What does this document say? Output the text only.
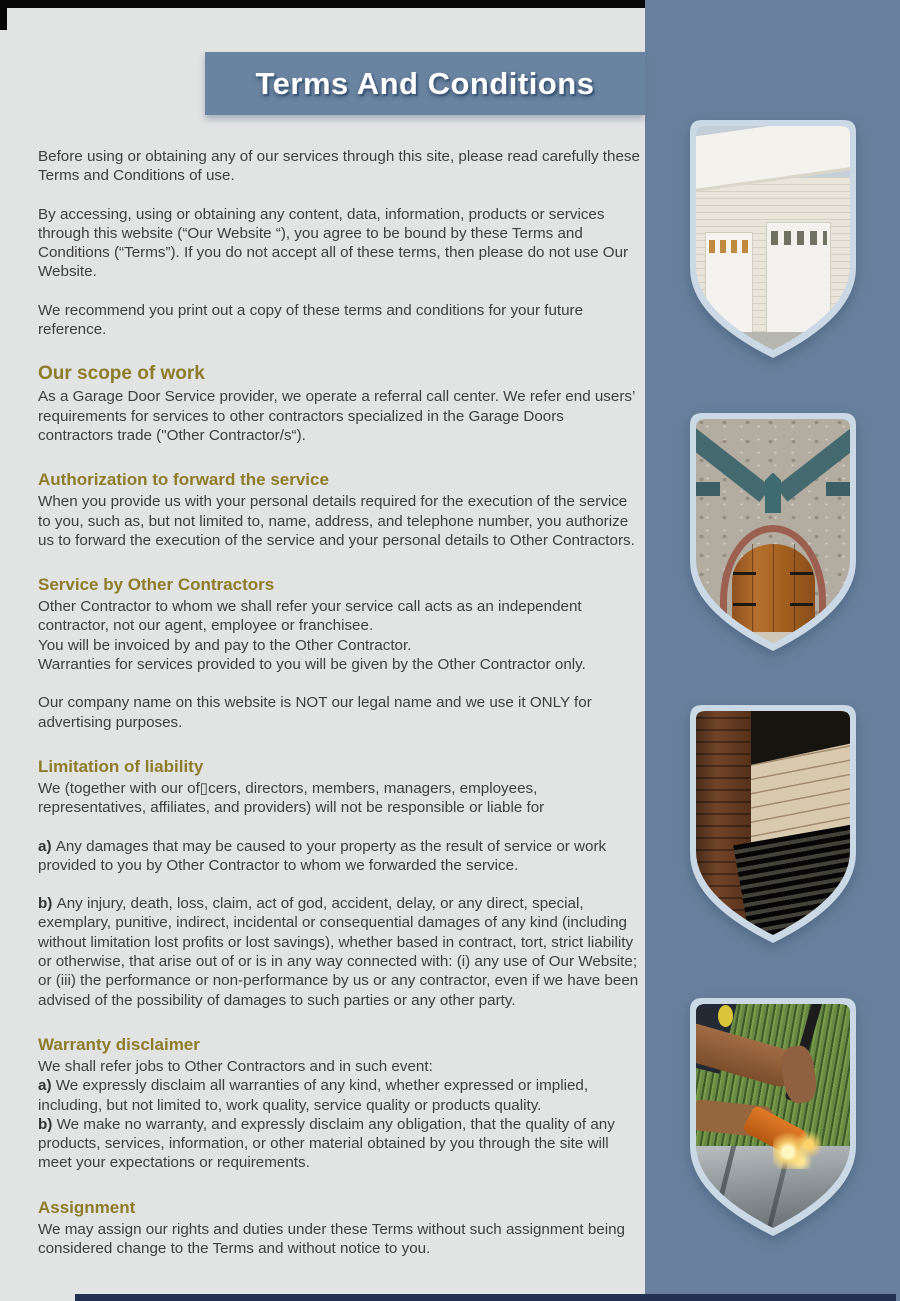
Terms And Conditions

Before using or obtaining any of our services through this site, please read carefully these Terms and Conditions of use.

By accessing, using or obtaining any content, data, information, products or services through this website (“Our Website “), you agree to be bound by these Terms and Conditions (“Terms”). If you do not accept all of these terms, then please do not use Our Website.

We recommend you print out a copy of these terms and conditions for your future reference.

Our scope of work

As a Garage Door Service provider, we operate a referral call center. We refer end users’ requirements for services to other contractors specialized in the Garage Doors contractors trade ("Other Contractor/s“).

Authorization to forward the service

When you provide us with your personal details required for the execution of the service to you, such as, but not limited to, name, address, and telephone number, you authorize us to forward the execution of the service and your personal details to Other Contractors.

Service by Other Contractors

Other Contractor to whom we shall refer your service call acts as an independent contractor, not our agent, employee or franchisee.

You will be invoiced by and pay to the Other Contractor.

Warranties for services provided to you will be given by the Other Contractor only.

Our company name on this website is NOT our legal name and we use it ONLY for advertising purposes.

Limitation of liability

We (together with our of▯cers, directors, members, managers, employees, representatives, affiliates, and providers) will not be responsible or liable for

a) Any damages that may be caused to your property as the result of service or work provided to you by Other Contractor to whom we forwarded the service.

b) Any injury, death, loss, claim, act of god, accident, delay, or any direct, special, exemplary, punitive, indirect, incidental or consequential damages of any kind (including without limitation lost profits or lost savings), whether based in contract, tort, strict liability or otherwise, that arise out of or is in any way connected with: (i) any use of Our Website; or (iii) the performance or non-performance by us or any contractor, even if we have been advised of the possibility of damages to such parties or any other party.

Warranty disclaimer

We shall refer jobs to Other Contractors and in such event:

a) We expressly disclaim all warranties of any kind, whether expressed or implied, including, but not limited to, work quality, service quality or products quality.

b) We make no warranty, and expressly disclaim any obligation, that the quality of any products, services, information, or other material obtained by you through the site will meet your expectations or requirements.

Assignment

We may assign our rights and duties under these Terms without such assignment being considered change to the Terms and without notice to you.
